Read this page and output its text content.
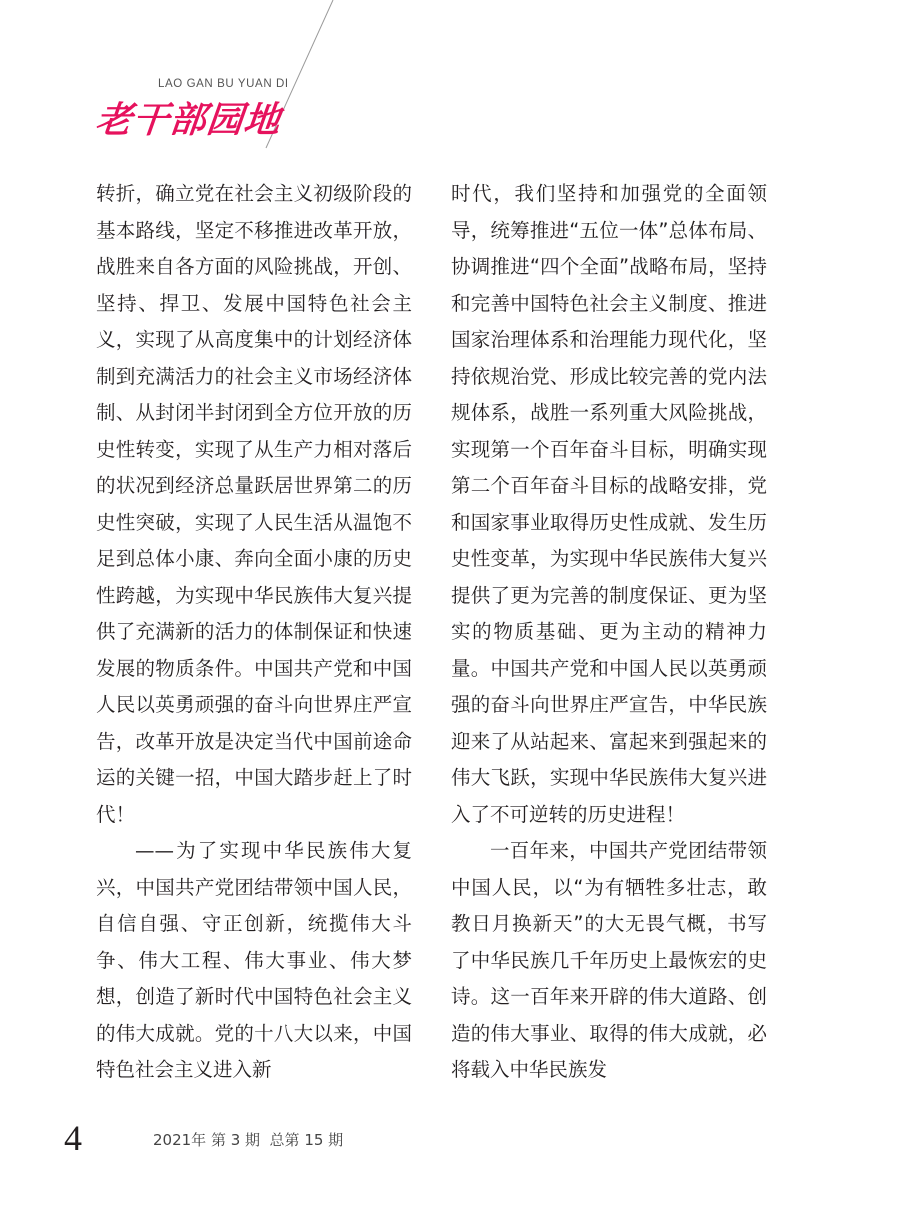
LAO GAN BU YUAN DI
老干部园地

转折，确立党在社会主义初级阶段的基本路线，坚定不移推进改革开放，战胜来自各方面的风险挑战，开创、坚持、捍卫、发展中国特色社会主义，实现了从高度集中的计划经济体制到充满活力的社会主义市场经济体制、从封闭半封闭到全方位开放的历史性转变，实现了从生产力相对落后的状况到经济总量跃居世界第二的历史性突破，实现了人民生活从温饱不足到总体小康、奔向全面小康的历史性跨越，为实现中华民族伟大复兴提供了充满新的活力的体制保证和快速发展的物质条件。中国共产党和中国人民以英勇顽强的奋斗向世界庄严宣告，改革开放是决定当代中国前途命运的关键一招，中国大踏步赶上了时代！

——为了实现中华民族伟大复兴，中国共产党团结带领中国人民，自信自强、守正创新，统揽伟大斗争、伟大工程、伟大事业、伟大梦想，创造了新时代中国特色社会主义的伟大成就。党的十八大以来，中国特色社会主义进入新

时代，我们坚持和加强党的全面领导，统筹推进“五位一体”总体布局、协调推进“四个全面”战略布局，坚持和完善中国特色社会主义制度、推进国家治理体系和治理能力现代化，坚持依规治党、形成比较完善的党内法规体系，战胜一系列重大风险挑战，实现第一个百年奋斗目标，明确实现第二个百年奋斗目标的战略安排，党和国家事业取得历史性成就、发生历史性变革，为实现中华民族伟大复兴提供了更为完善的制度保证、更为坚实的物质基础、更为主动的精神力量。中国共产党和中国人民以英勇顽强的奋斗向世界庄严宣告，中华民族迎来了从站起来、富起来到强起来的伟大飞跃，实现中华民族伟大复兴进入了不可逆转的历史进程！

一百年来，中国共产党团结带领中国人民，以“为有牺牲多壮志，敢教日月换新天”的大无畏气概，书写了中华民族几千年历史上最恢宏的史诗。这一百年来开辟的伟大道路、创造的伟大事业、取得的伟大成就，必将载入中华民族发

4	2021年 第 3 期  总第 15 期
